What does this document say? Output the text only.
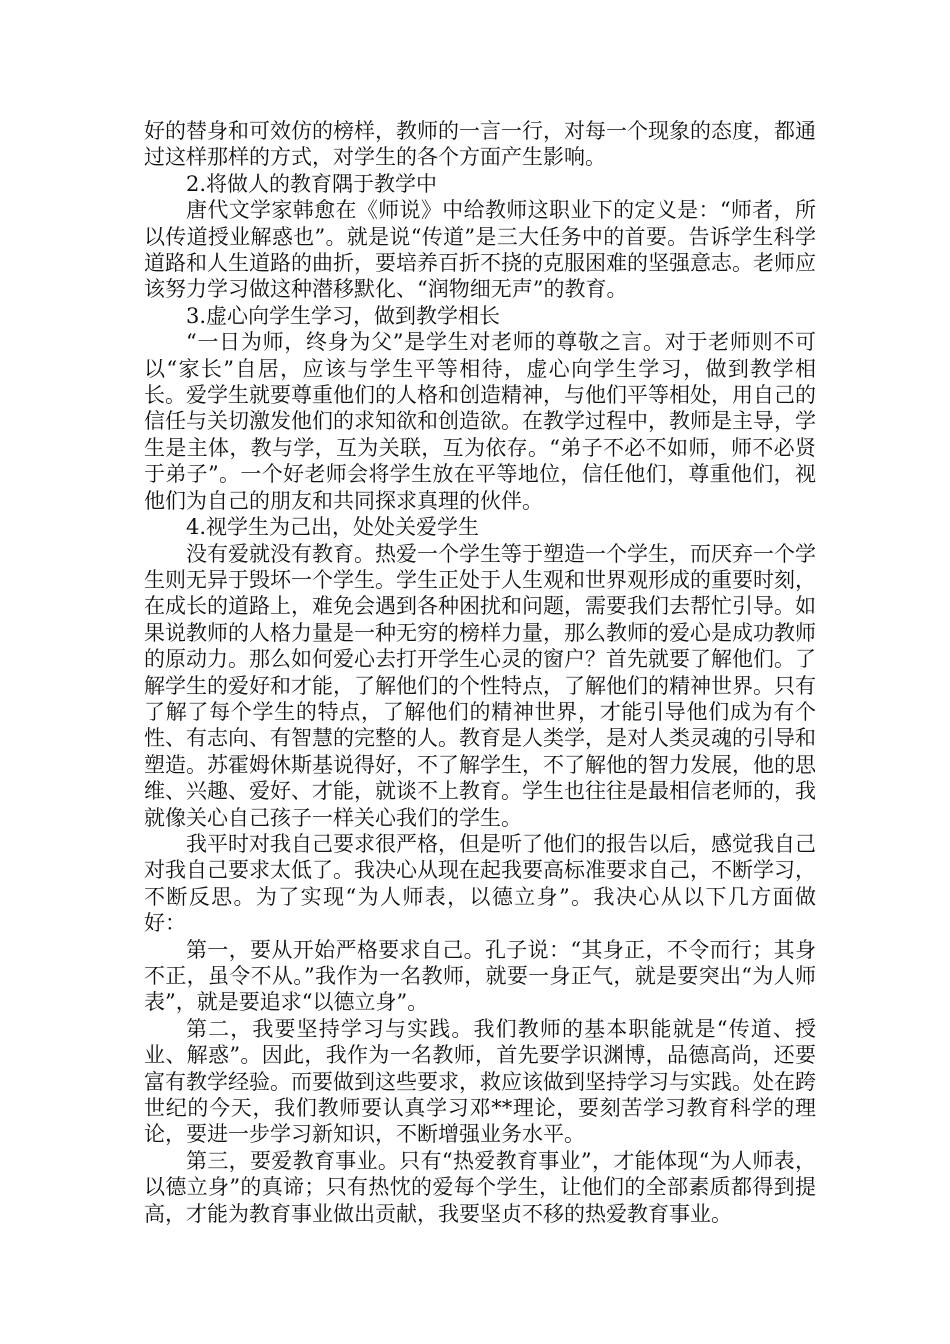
好的替身和可效仿的榜样，教师的一言一行，对每一个现象的态度，都通过这样那样的方式，对学生的各个方面产生影响。

2.将做人的教育隅于教学中

唐代文学家韩愈在《师说》中给教师这职业下的定义是：“师者，所以传道授业解惑也”。就是说“传道”是三大任务中的首要。告诉学生科学道路和人生道路的曲折，要培养百折不挠的克服困难的坚强意志。老师应该努力学习做这种潜移默化、“润物细无声”的教育。

3.虚心向学生学习，做到教学相长

“一日为师，终身为父”是学生对老师的尊敬之言。对于老师则不可以“家长”自居，应该与学生平等相待，虚心向学生学习，做到教学相长。爱学生就要尊重他们的人格和创造精神，与他们平等相处，用自己的信任与关切激发他们的求知欲和创造欲。在教学过程中，教师是主导，学生是主体，教与学，互为关联，互为依存。“弟子不必不如师，师不必贤于弟子”。一个好老师会将学生放在平等地位，信任他们，尊重他们，视他们为自己的朋友和共同探求真理的伙伴。

4.视学生为己出，处处关爱学生

没有爱就没有教育。热爱一个学生等于塑造一个学生，而厌弃一个学生则无异于毁坏一个学生。学生正处于人生观和世界观形成的重要时刻，在成长的道路上，难免会遇到各种困扰和问题，需要我们去帮忙引导。如果说教师的人格力量是一种无穷的榜样力量，那么教师的爱心是成功教师的原动力。那么如何爱心去打开学生心灵的窗户？首先就要了解他们。了解学生的爱好和才能，了解他们的个性特点，了解他们的精神世界。只有了解了每个学生的特点，了解他们的精神世界，才能引导他们成为有个性、有志向、有智慧的完整的人。教育是人类学，是对人类灵魂的引导和塑造。苏霍姆休斯基说得好，不了解学生，不了解他的智力发展，他的思维、兴趣、爱好、才能，就谈不上教育。学生也往往是最相信老师的，我就像关心自己孩子一样关心我们的学生。

我平时对我自己要求很严格，但是听了他们的报告以后，感觉我自己对我自己要求太低了。我决心从现在起我要高标准要求自己，不断学习，不断反思。为了实现“为人师表，以德立身”。我决心从以下几方面做好：

第一，要从开始严格要求自己。孔子说：“其身正，不令而行；其身不正，虽令不从。”我作为一名教师，就要一身正气，就是要突出“为人师表”，就是要追求“以德立身”。

第二，我要坚持学习与实践。我们教师的基本职能就是“传道、授业、解惑”。因此，我作为一名教师，首先要学识渊博，品德高尚，还要富有教学经验。而要做到这些要求，救应该做到坚持学习与实践。处在跨世纪的今天，我们教师要认真学习邓**理论，要刻苦学习教育科学的理论，要进一步学习新知识，不断增强业务水平。

第三，要爱教育事业。只有“热爱教育事业”，才能体现“为人师表，以德立身”的真谛；只有热忱的爱每个学生，让他们的全部素质都得到提高，才能为教育事业做出贡献，我要坚贞不移的热爱教育事业。
